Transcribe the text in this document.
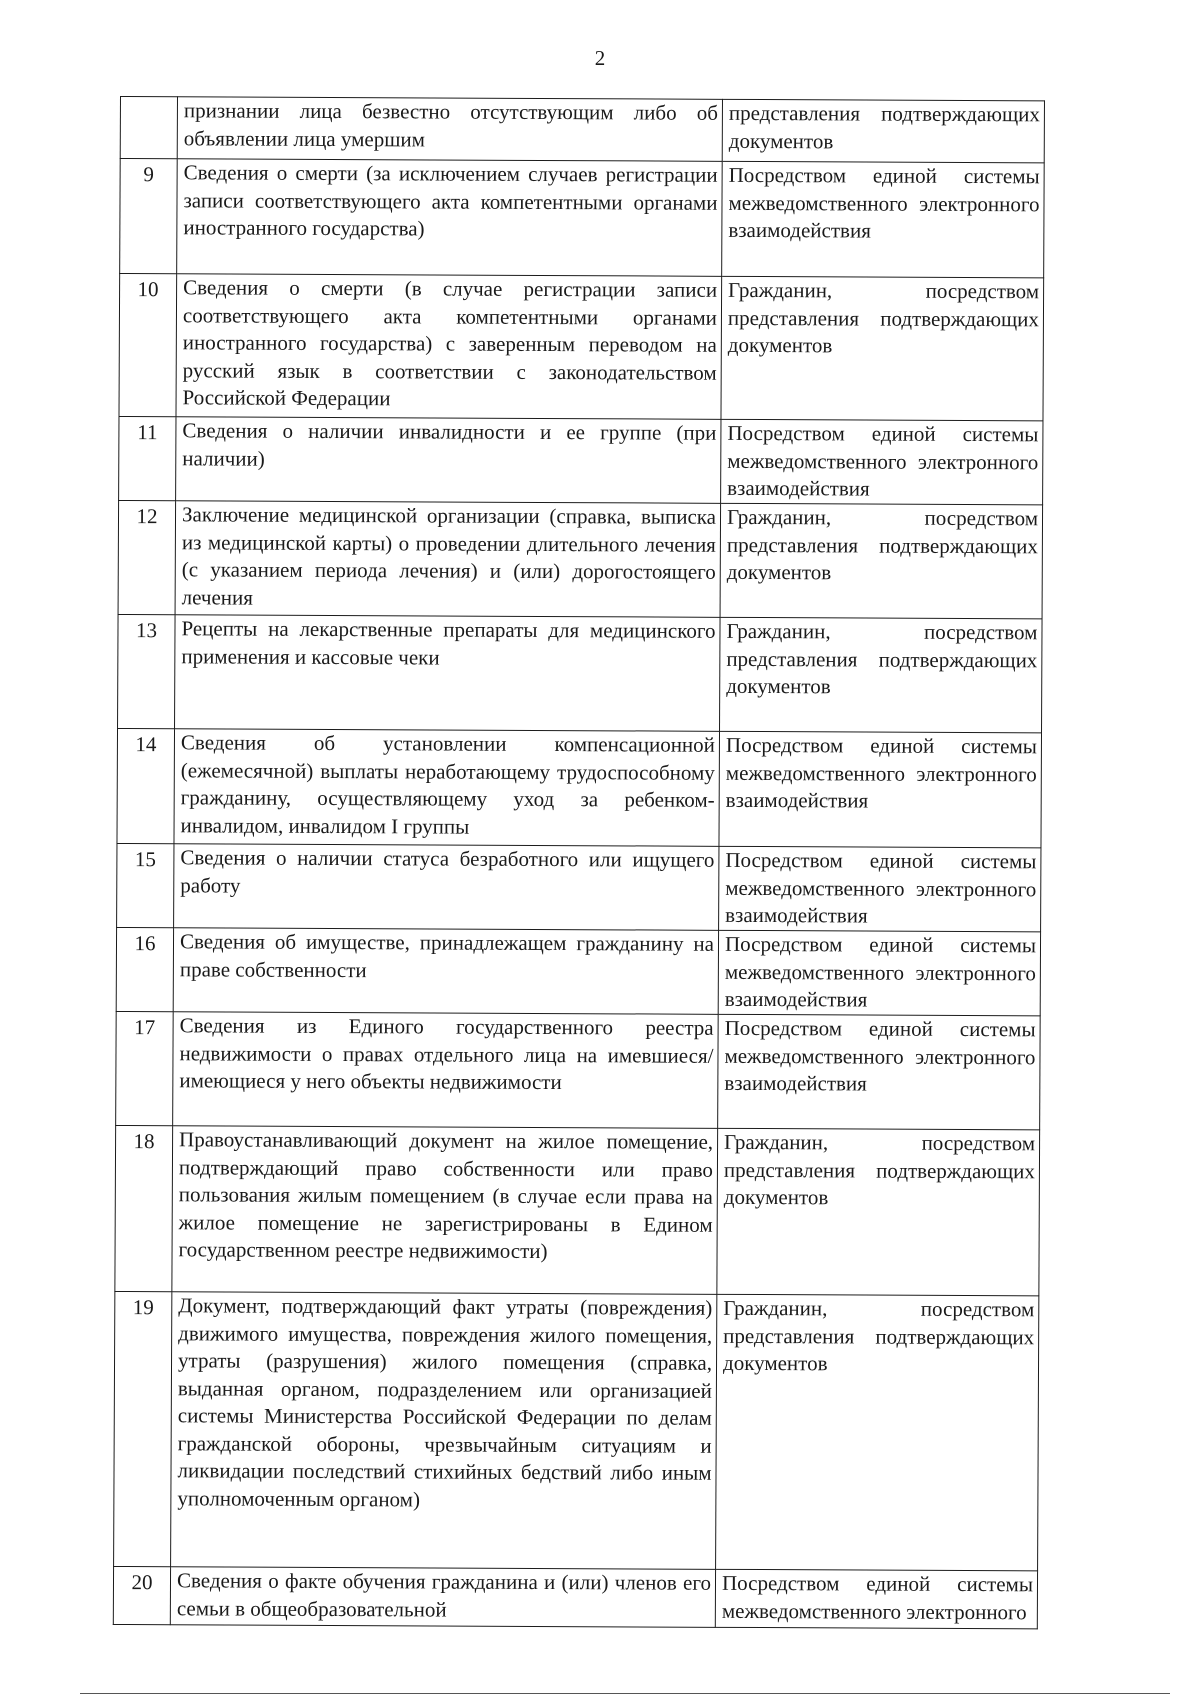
2
	признании лица безвестно отсутствующим либо об объявлении лица умершим	представления подтверждающих документов
9	Сведения о смерти (за исключением случаев регистрации записи соответствующего акта компетентными органами иностранного государства)	Посредством единой системы межведомственного электронного взаимодействия
10	Сведения о смерти (в случае регистрации записи соответствующего акта компетентными органами иностранного государства) с заверенным переводом на русский язык в соответствии с законодательством Российской Федерации	Гражданин, посредством представления подтверждающих документов
11	Сведения о наличии инвалидности и ее группе (при наличии)	Посредством единой системы межведомственного электронного взаимодействия
12	Заключение медицинской организации (справка, выписка из медицинской карты) о проведении длительного лечения (с указанием периода лечения) и (или) дорогостоящего лечения	Гражданин, посредством представления подтверждающих документов
13	Рецепты на лекарственные препараты для медицинского применения и кассовые чеки	Гражданин, посредством представления подтверждающих документов
14	Сведения об установлении компенсационной (ежемесячной) выплаты неработающему трудоспособному гражданину, осуществляющему уход за ребенком-инвалидом, инвалидом I группы	Посредством единой системы межведомственного электронного взаимодействия
15	Сведения о наличии статуса безработного или ищущего работу	Посредством единой системы межведомственного электронного взаимодействия
16	Сведения об имуществе, принадлежащем гражданину на праве собственности	Посредством единой системы межведомственного электронного взаимодействия
17	Сведения из Единого государственного реестра недвижимости о правах отдельного лица на имевшиеся/имеющиеся у него объекты недвижимости	Посредством единой системы межведомственного электронного взаимодействия
18	Правоустанавливающий документ на жилое помещение, подтверждающий право собственности или право пользования жилым помещением (в случае если права на жилое помещение не зарегистрированы в Едином государственном реестре недвижимости)	Гражданин, посредством представления подтверждающих документов
19	Документ, подтверждающий факт утраты (повреждения) движимого имущества, повреждения жилого помещения, утраты (разрушения) жилого помещения (справка, выданная органом, подразделением или организацией системы Министерства Российской Федерации по делам гражданской обороны, чрезвычайным ситуациям и ликвидации последствий стихийных бедствий либо иным уполномоченным органом)	Гражданин, посредством представления подтверждающих документов
20	Сведения о факте обучения гражданина и (или) членов его семьи в общеобразовательной	Посредством единой системы межведомственного электронного
